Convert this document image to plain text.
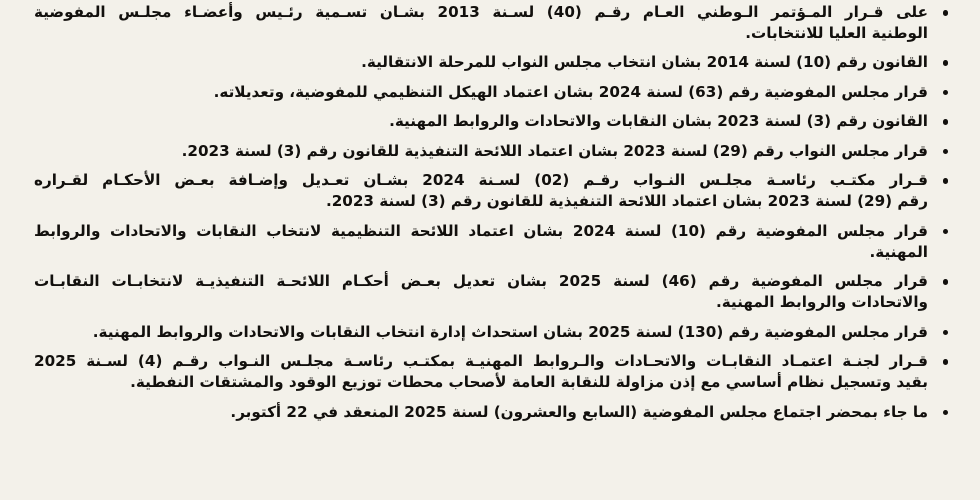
على قـرار المـؤتمر الـوطني العـام رقـم (40) لسـنة 2013 بشـان تسـمية رئـيس وأعضـاء مجلـس المفوضية
الوطنية العليا للانتخابات.
القانون رقم (10) لسنة 2014 بشان انتخاب مجلس النواب للمرحلة الانتقالية.
قرار مجلس المفوضية رقم (63) لسنة 2024 بشان اعتماد الهيكل التنظيمي للمفوضية، وتعديلاته.
القانون رقم (3) لسنة 2023 بشان النقابات والاتحادات والروابط المهنية.
قرار مجلس النواب رقم (29) لسنة 2023 بشان اعتماد اللائحة التنفيذية للقانون رقم (3) لسنة 2023.
قـرار مكتـب رئاسـة مجلـس النـواب رقـم (02) لسـنة 2024 بشـان تعـديل وإضـافة بعـض الأحكـام لقـراره
رقم (29) لسنة 2023 بشان اعتماد اللائحة التنفيذية للقانون رقم (3) لسنة 2023.
قرار مجلس المفوضية رقم (10) لسنة 2024 بشان اعتماد اللائحة التنظيمية لانتخاب النقابات والاتحادات والروابط المهنية.
قرار مجلس المفوضية رقم (46) لسنة 2025 بشان تعديل بعـض أحكـام اللائحـة التنفيذيـة لانتخابـات النقابـات
والاتحادات والروابط المهنية.
قرار مجلس المفوضية رقم (130) لسنة 2025 بشان استحداث إدارة انتخاب النقابات والاتحادات والروابط المهنية.
قـرار لجنـة اعتمـاد النقابـات والاتحـادات والـروابط المهنيـة بمكتـب رئاسـة مجلـس النـواب رقـم (4) لسـنة 2025
بقيد وتسجيل نظام أساسي مع إذن مزاولة للنقابة العامة لأصحاب محطات توزيع الوقود والمشتقات النفطية.
ما جاء بمحضر اجتماع مجلس المفوضية (السابع والعشرون) لسنة 2025 المنعقد في 22 أكتوبر.
